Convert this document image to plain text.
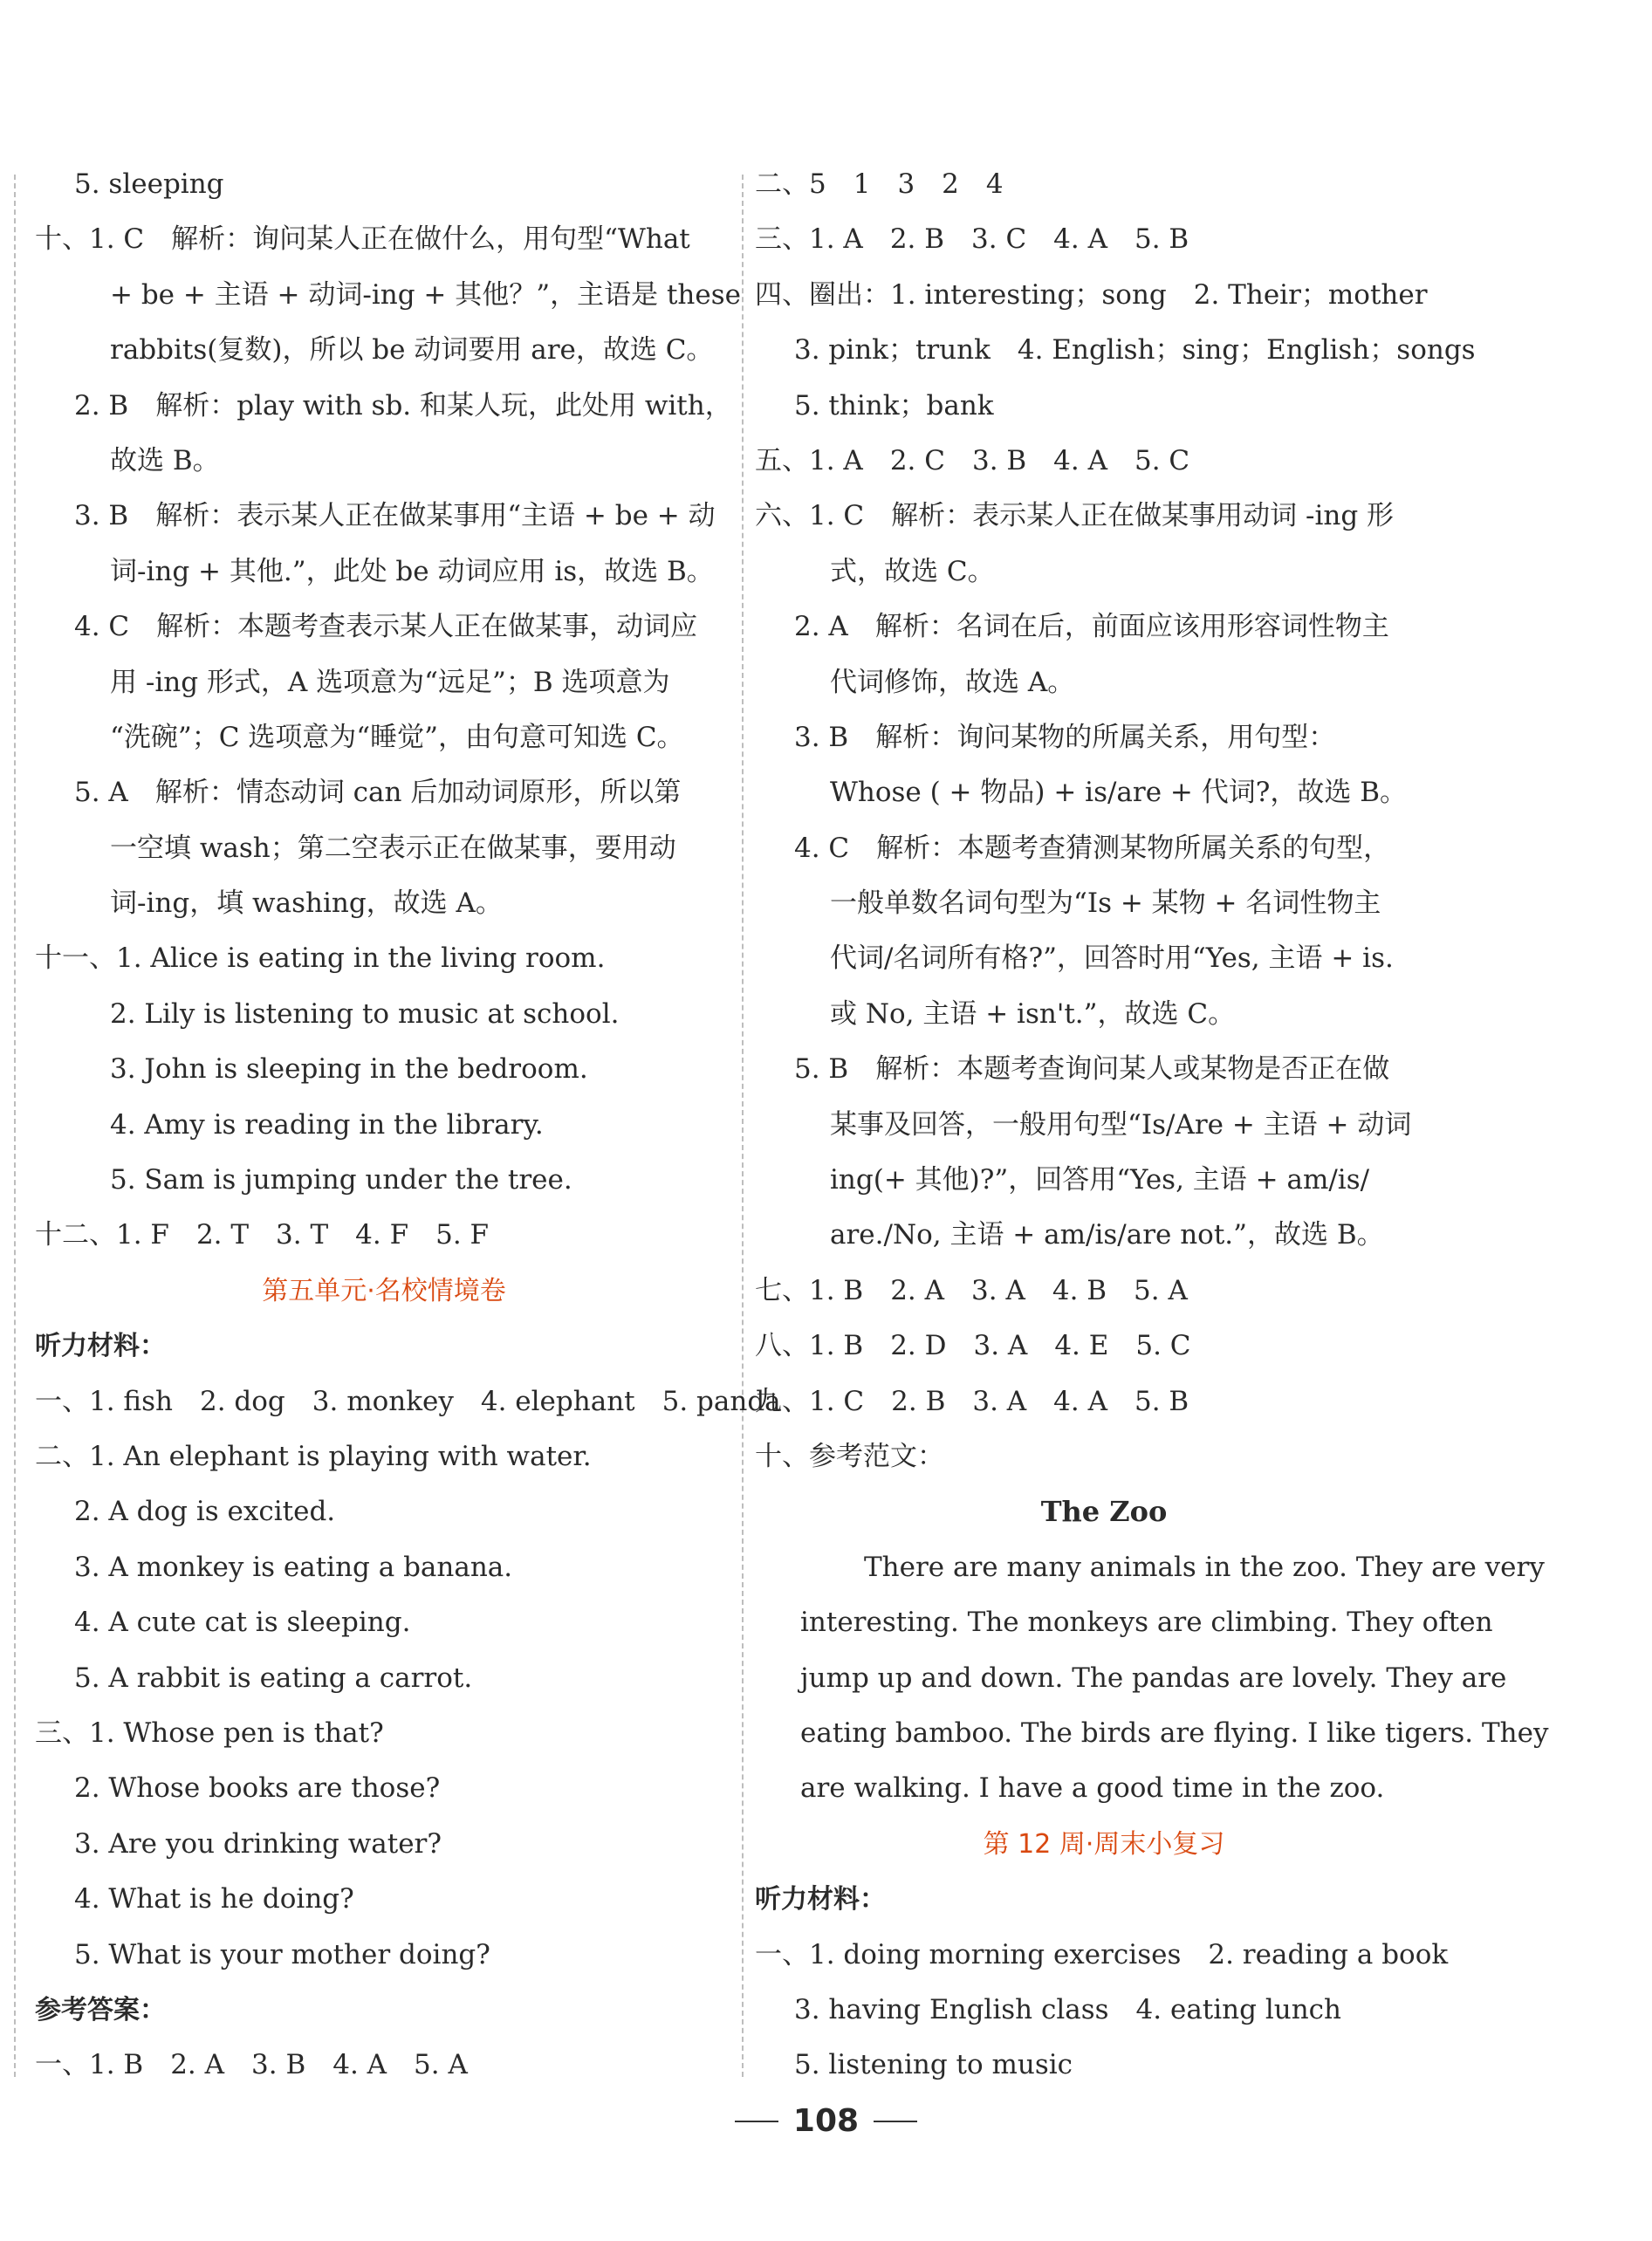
5. sleeping
十、1. C　解析：询问某人正在做什么，用句型“What
+ be + 主语 + 动词-ing + 其他？”，主语是 these
rabbits(复数)，所以 be 动词要用 are，故选 C。
2. B　解析：play with sb. 和某人玩，此处用 with，
故选 B。
3. B　解析：表示某人正在做某事用“主语 + be + 动
词-ing + 其他.”，此处 be 动词应用 is，故选 B。
4. C　解析：本题考查表示某人正在做某事，动词应
用 -ing 形式，A 选项意为“远足”；B 选项意为
“洗碗”；C 选项意为“睡觉”，由句意可知选 C。
5. A　解析：情态动词 can 后加动词原形，所以第
一空填 wash；第二空表示正在做某事，要用动
词-ing，填 washing，故选 A。
十一、1. Alice is eating in the living room.
2. Lily is listening to music at school.
3. John is sleeping in the bedroom.
4. Amy is reading in the library.
5. Sam is jumping under the tree.
十二、1. F　2. T　3. T　4. F　5. F
第五单元·名校情境卷
听力材料：
一、1. fish　2. dog　3. monkey　4. elephant　5. panda
二、1. An elephant is playing with water.
2. A dog is excited.
3. A monkey is eating a banana.
4. A cute cat is sleeping.
5. A rabbit is eating a carrot.
三、1. Whose pen is that?
2. Whose books are those?
3. Are you drinking water?
4. What is he doing?
5. What is your mother doing?
参考答案：
一、1. B　2. A　3. B　4. A　5. A
二、5　1　3　2　4
三、1. A　2. B　3. C　4. A　5. B
四、圈出：1. interesting；song　2. Their；mother
3. pink；trunk　4. English；sing；English；songs
5. think；bank
五、1. A　2. C　3. B　4. A　5. C
六、1. C　解析：表示某人正在做某事用动词 -ing 形
式，故选 C。
2. A　解析：名词在后，前面应该用形容词性物主
代词修饰，故选 A。
3. B　解析：询问某物的所属关系，用句型：
Whose ( + 物品) + is/are + 代词?，故选 B。
4. C　解析：本题考查猜测某物所属关系的句型，
一般单数名词句型为“Is + 某物 + 名词性物主
代词/名词所有格?”，回答时用“Yes, 主语 + is.
或 No, 主语 + isn't.”，故选 C。
5. B　解析：本题考查询问某人或某物是否正在做
某事及回答，一般用句型“Is/Are + 主语 + 动词
ing(+ 其他)?”，回答用“Yes, 主语 + am/is/
are./No, 主语 + am/is/are not.”，故选 B。
七、1. B　2. A　3. A　4. B　5. A
八、1. B　2. D　3. A　4. E　5. C
九、1. C　2. B　3. A　4. A　5. B
十、参考范文：
The Zoo
There are many animals in the zoo. They are very
interesting. The monkeys are climbing. They often
jump up and down. The pandas are lovely. They are
eating bamboo. The birds are flying. I like tigers. They
are walking. I have a good time in the zoo.
第 12 周·周末小复习
听力材料：
一、1. doing morning exercises　2. reading a book
3. having English class　4. eating lunch
5. listening to music
108
